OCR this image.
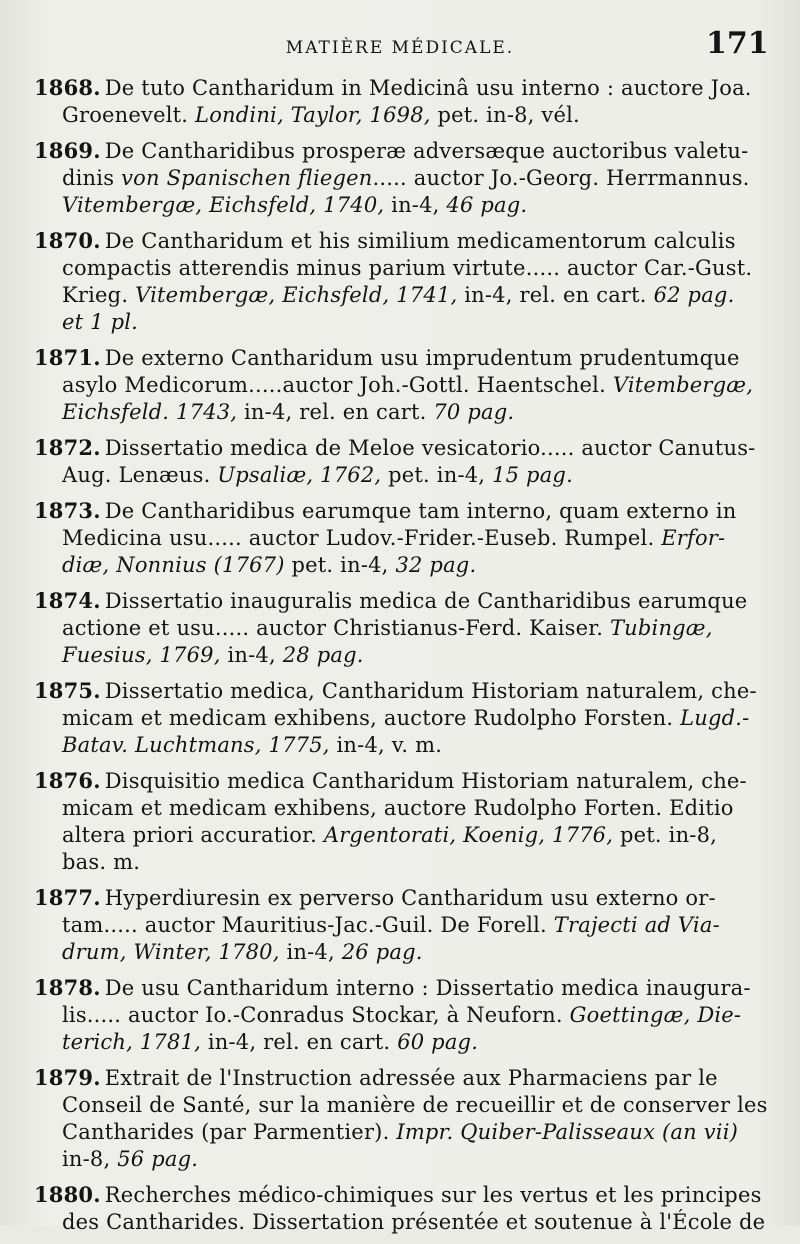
MATIÈRE MÉDICALE.	171
1868. De tuto Cantharidum in Medicinâ usu interno : auctore Joa.
Groenevelt. Londini, Taylor, 1698, pet. in-8, vél.
1869. De Cantharidibus prosperæ adversæque auctoribus valetu-
dinis von Spanischen fliegen..... auctor Jo.-Georg. Herrmannus.
Vitembergæ, Eichsfeld, 1740, in-4, 46 pag.
1870. De Cantharidum et his similium medicamentorum calculis
compactis atterendis minus parium virtute..... auctor Car.-Gust.
Krieg. Vitembergæ, Eichsfeld, 1741, in-4, rel. en cart. 62 pag.
et 1 pl.
1871. De externo Cantharidum usu imprudentum prudentumque
asylo Medicorum.....auctor Joh.-Gottl. Haentschel. Vitembergæ,
Eichsfeld. 1743, in-4, rel. en cart. 70 pag.
1872. Dissertatio medica de Meloe vesicatorio..... auctor Canutus-
Aug. Lenæus. Upsaliæ, 1762, pet. in-4, 15 pag.
1873. De Cantharidibus earumque tam interno, quam externo in
Medicina usu..... auctor Ludov.-Frider.-Euseb. Rumpel. Erfor-
diæ, Nonnius (1767) pet. in-4, 32 pag.
1874. Dissertatio inauguralis medica de Cantharidibus earumque
actione et usu..... auctor Christianus-Ferd. Kaiser. Tubingæ,
Fuesius, 1769, in-4, 28 pag.
1875. Dissertatio medica, Cantharidum Historiam naturalem, che-
micam et medicam exhibens, auctore Rudolpho Forsten. Lugd.-
Batav. Luchtmans, 1775, in-4, v. m.
1876. Disquisitio medica Cantharidum Historiam naturalem, che-
micam et medicam exhibens, auctore Rudolpho Forten. Editio
altera priori accuratior. Argentorati, Koenig, 1776, pet. in-8,
bas. m.
1877. Hyperdiuresin ex perverso Cantharidum usu externo or-
tam..... auctor Mauritius-Jac.-Guil. De Forell. Trajecti ad Via-
drum, Winter, 1780, in-4, 26 pag.
1878. De usu Cantharidum interno : Dissertatio medica inaugura-
lis..... auctor Io.-Conradus Stockar, à Neuforn. Goettingæ, Die-
terich, 1781, in-4, rel. en cart. 60 pag.
1879. Extrait de l'Instruction adressée aux Pharmaciens par le
Conseil de Santé, sur la manière de recueillir et de conserver les
Cantharides (par Parmentier). Impr. Quiber-Palisseaux (an vii)
in-8, 56 pag.
1880. Recherches médico-chimiques sur les vertus et les principes
des Cantharides. Dissertation présentée et soutenue à l'École de
